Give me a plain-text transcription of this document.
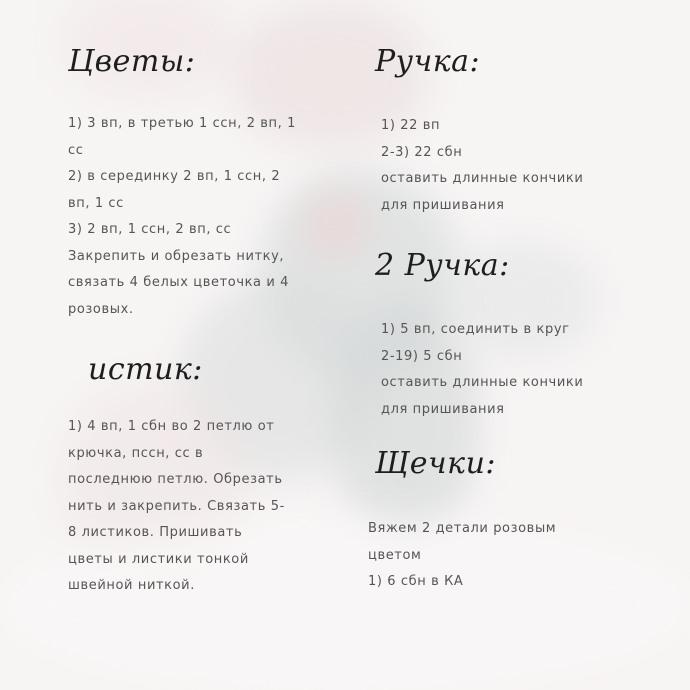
Цветы:
1) 3 вп, в третью 1 ссн, 2 вп, 1
сс
2) в серединку 2 вп, 1 ссн, 2
вп, 1 сс
3) 2 вп, 1 ссн, 2 вп, сс
Закрепить и обрезать нитку,
связать 4 белых цветочка и 4
розовых.
истик:
1) 4 вп, 1 сбн во 2 петлю от
крючка, пссн, сс в
последнюю петлю. Обрезать
нить и закрепить. Связать 5-
8 листиков. Пришивать
цветы и листики тонкой
швейной ниткой.
Ручка:
1) 22 вп
2-3) 22 сбн
оставить длинные кончики
для пришивания
2 Ручка:
1) 5 вп, соединить в круг
2-19) 5 сбн
оставить длинные кончики
для пришивания
Щечки:
Вяжем 2 детали розовым
цветом
1) 6 сбн в КА
